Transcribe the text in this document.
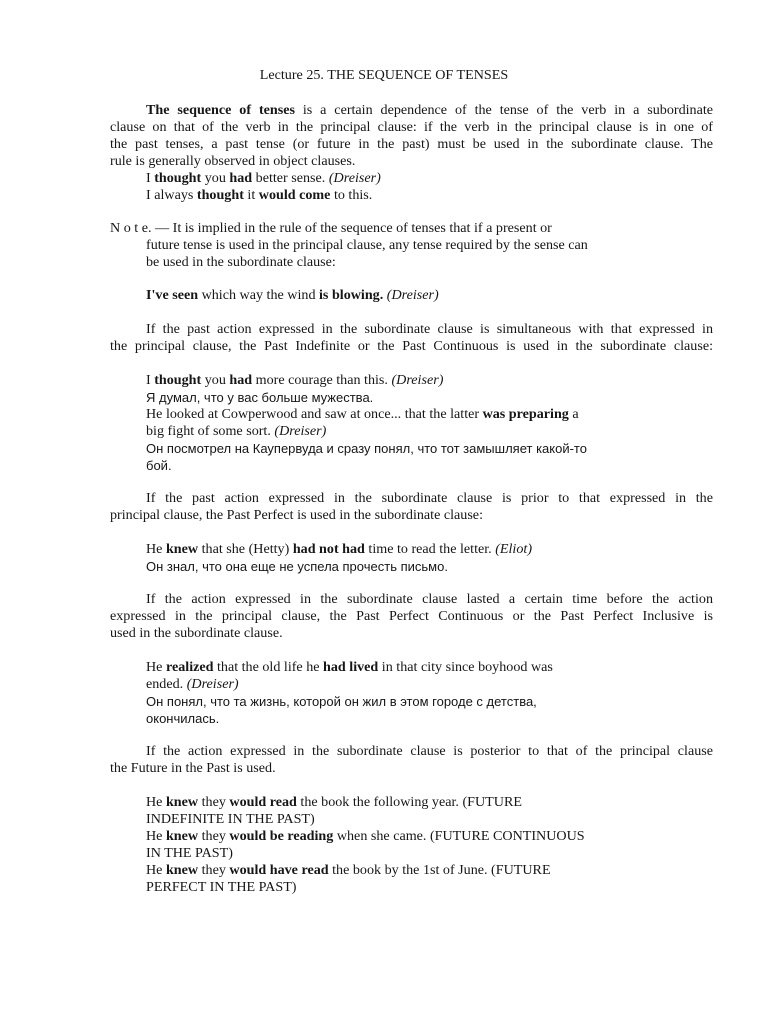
Lecture 25. THE SEQUENCE OF TENSES
The sequence of tenses is a certain dependence of the tense of the verb in a subordinate
clause on that of the verb in the principal clause: if the verb in the principal clause is in one of
the past tenses, a past tense (or future in the past) must be used in the subordinate clause. The
rule is generally observed in object clauses.
I thought you had better sense. (Dreiser)
I always thought it would come to this.
N o t e. — It is implied in the rule of the sequence of tenses that if a present or
future tense is used in the principal clause, any tense required by the sense can
be used in the subordinate clause:
I've seen which way the wind is blowing. (Dreiser)
If the past action expressed in the subordinate clause is simultaneous with that expressed in
the principal clause, the Past Indefinite or the Past Continuous is used in the subordinate clause:
I thought you had more courage than this. (Dreiser)
Я думал, что у вас больше мужества.
He looked at Cowperwood and saw at once... that the latter was preparing a
big fight of some sort. (Dreiser)
Он посмотрел на Каупервуда и сразу понял, что тот замышляет какой-то
бой.
If the past action expressed in the subordinate clause is prior to that expressed in the
principal clause, the Past Perfect is used in the subordinate clause:
He knew that she (Hetty) had not had time to read the letter. (Eliot)
Он знал, что она еще не успела прочесть письмо.
If the action expressed in the subordinate clause lasted a certain time before the action
expressed in the principal clause, the Past Perfect Continuous or the Past Perfect Inclusive is
used in the subordinate clause.
He realized that the old life he had lived in that city since boyhood was
ended. (Dreiser)
Он понял, что та жизнь, которой он жил в этом городе с детства,
окончилась.
If the action expressed in the subordinate clause is posterior to that of the principal clause
the Future in the Past is used.
He knew they would read the book the following year. (FUTURE
INDEFINITE IN THE PAST)
He knew they would be reading when she came. (FUTURE CONTINUOUS
IN THE PAST)
He knew they would have read the book by the 1st of June. (FUTURE
PERFECT IN THE PAST)
